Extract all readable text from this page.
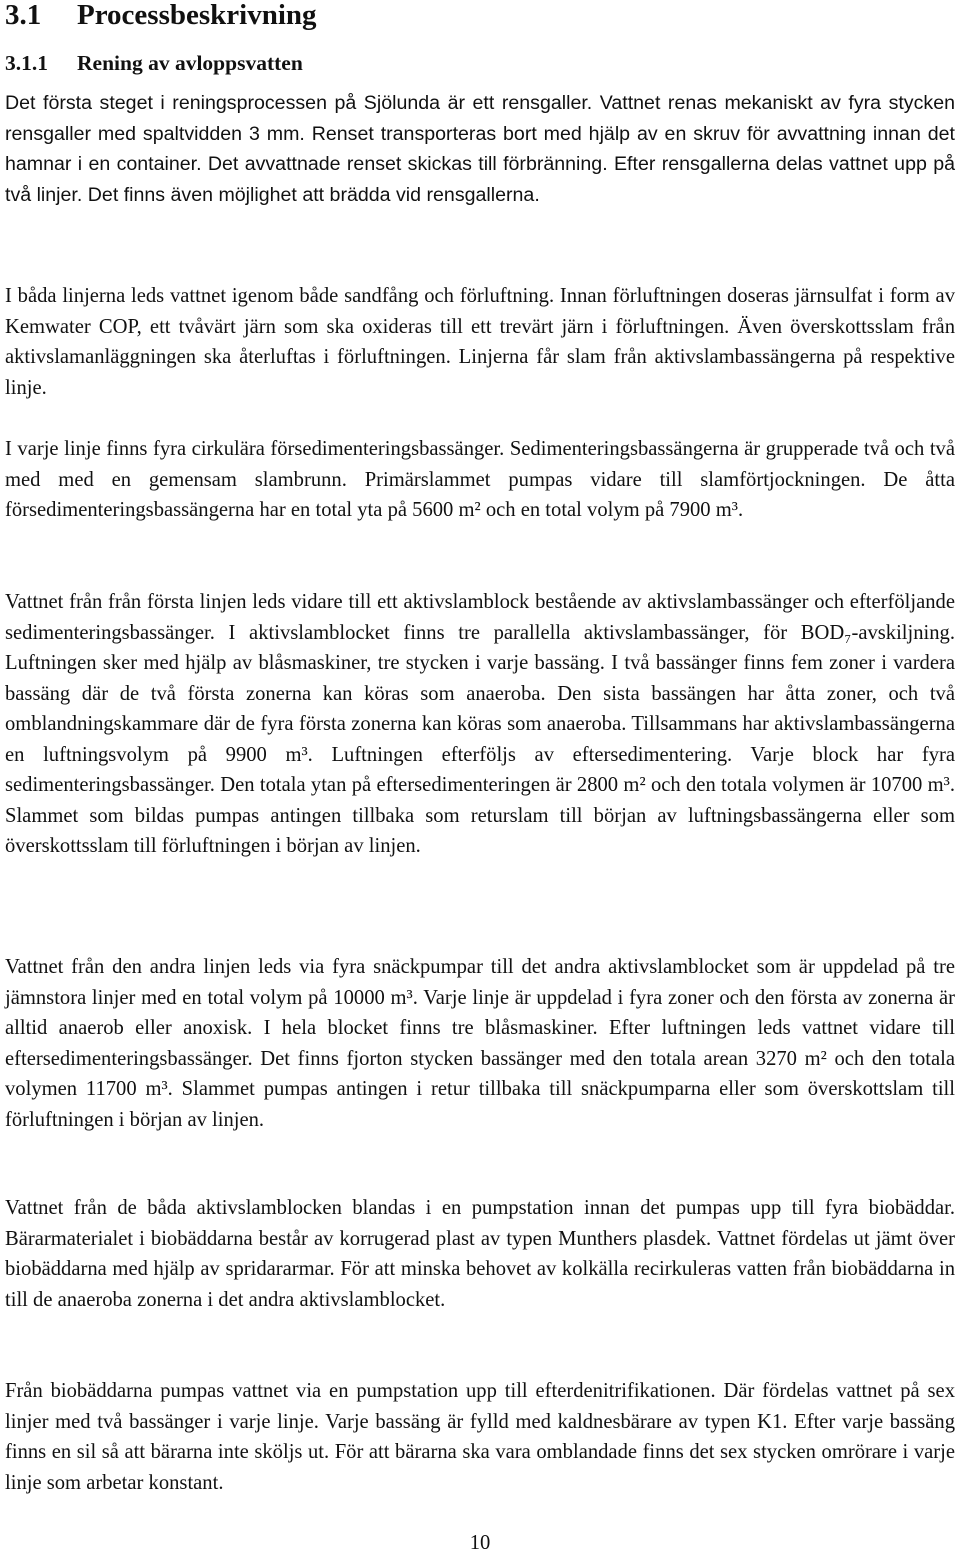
3.1 Processbeskrivning
3.1.1 Rening av avloppsvatten

Det första steget i reningsprocessen på Sjölunda är ett rensgaller. Vattnet renas mekaniskt av fyra stycken rensgaller med spaltvidden 3 mm. Renset transporteras bort med hjälp av en skruv för avvattning innan det hamnar i en container. Det avvattnade renset skickas till förbränning. Efter rensgallerna delas vattnet upp på två linjer. Det finns även möjlighet att brädda vid rensgallerna.

I båda linjerna leds vattnet igenom både sandfång och förluftning. Innan förluftningen doseras järnsulfat i form av Kemwater COP, ett tvåvärt järn som ska oxideras till ett trevärt järn i förluftningen. Även överskottsslam från aktivslamanläggningen ska återluftas i förluftningen. Linjerna får slam från aktivslambassängerna på respektive linje.

I varje linje finns fyra cirkulära försedimenteringsbassänger. Sedimenteringsbassängerna är grupperade två och två med med en gemensam slambrunn. Primärslammet pumpas vidare till slamförtjockningen. De åtta försedimenteringsbassängerna har en total yta på 5600 m² och en total volym på 7900 m³.

Vattnet från från första linjen leds vidare till ett aktivslamblock bestående av aktivslambassänger och efterföljande sedimenteringsbassänger. I aktivslamblocket finns tre parallella aktivslambassänger, för BOD₇-avskiljning. Luftningen sker med hjälp av blåsmaskiner, tre stycken i varje bassäng. I två bassänger finns fem zoner i vardera bassäng där de två första zonerna kan köras som anaeroba. Den sista bassängen har åtta zoner, och två omblandningskammare där de fyra första zonerna kan köras som anaeroba. Tillsammans har aktivslambassängerna en luftningsvolym på 9900 m³. Luftningen efterföljs av eftersedimentering. Varje block har fyra sedimenteringsbassänger. Den totala ytan på eftersedimenteringen är 2800 m² och den totala volymen är 10700 m³. Slammet som bildas pumpas antingen tillbaka som returslam till början av luftningsbassängerna eller som överskottsslam till förluftningen i början av linjen.

Vattnet från den andra linjen leds via fyra snäckpumpar till det andra aktivslamblocket som är uppdelad på tre jämnstora linjer med en total volym på 10000 m³. Varje linje är uppdelad i fyra zoner och den första av zonerna är alltid anaerob eller anoxisk. I hela blocket finns tre blåsmaskiner. Efter luftningen leds vattnet vidare till eftersedimenteringsbassänger. Det finns fjorton stycken bassänger med den totala arean 3270 m² och den totala volymen 11700 m³. Slammet pumpas antingen i retur tillbaka till snäckpumparna eller som överskottslam till förluftningen i början av linjen.

Vattnet från de båda aktivslamblocken blandas i en pumpstation innan det pumpas upp till fyra biobäddar. Bärarmaterialet i biobäddarna består av korrugerad plast av typen Munthers plasdek. Vattnet fördelas ut jämt över biobäddarna med hjälp av spridararmar. För att minska behovet av kolkälla recirkuleras vatten från biobäddarna in till de anaeroba zonerna i det andra aktivslamblocket.

Från biobäddarna pumpas vattnet via en pumpstation upp till efterdenitrifikationen. Där fördelas vattnet på sex linjer med två bassänger i varje linje. Varje bassäng är fylld med kaldnesbärare av typen K1. Efter varje bassäng finns en sil så att bärarna inte sköljs ut. För att bärarna ska vara omblandade finns det sex stycken omrörare i varje linje som arbetar konstant.

10
